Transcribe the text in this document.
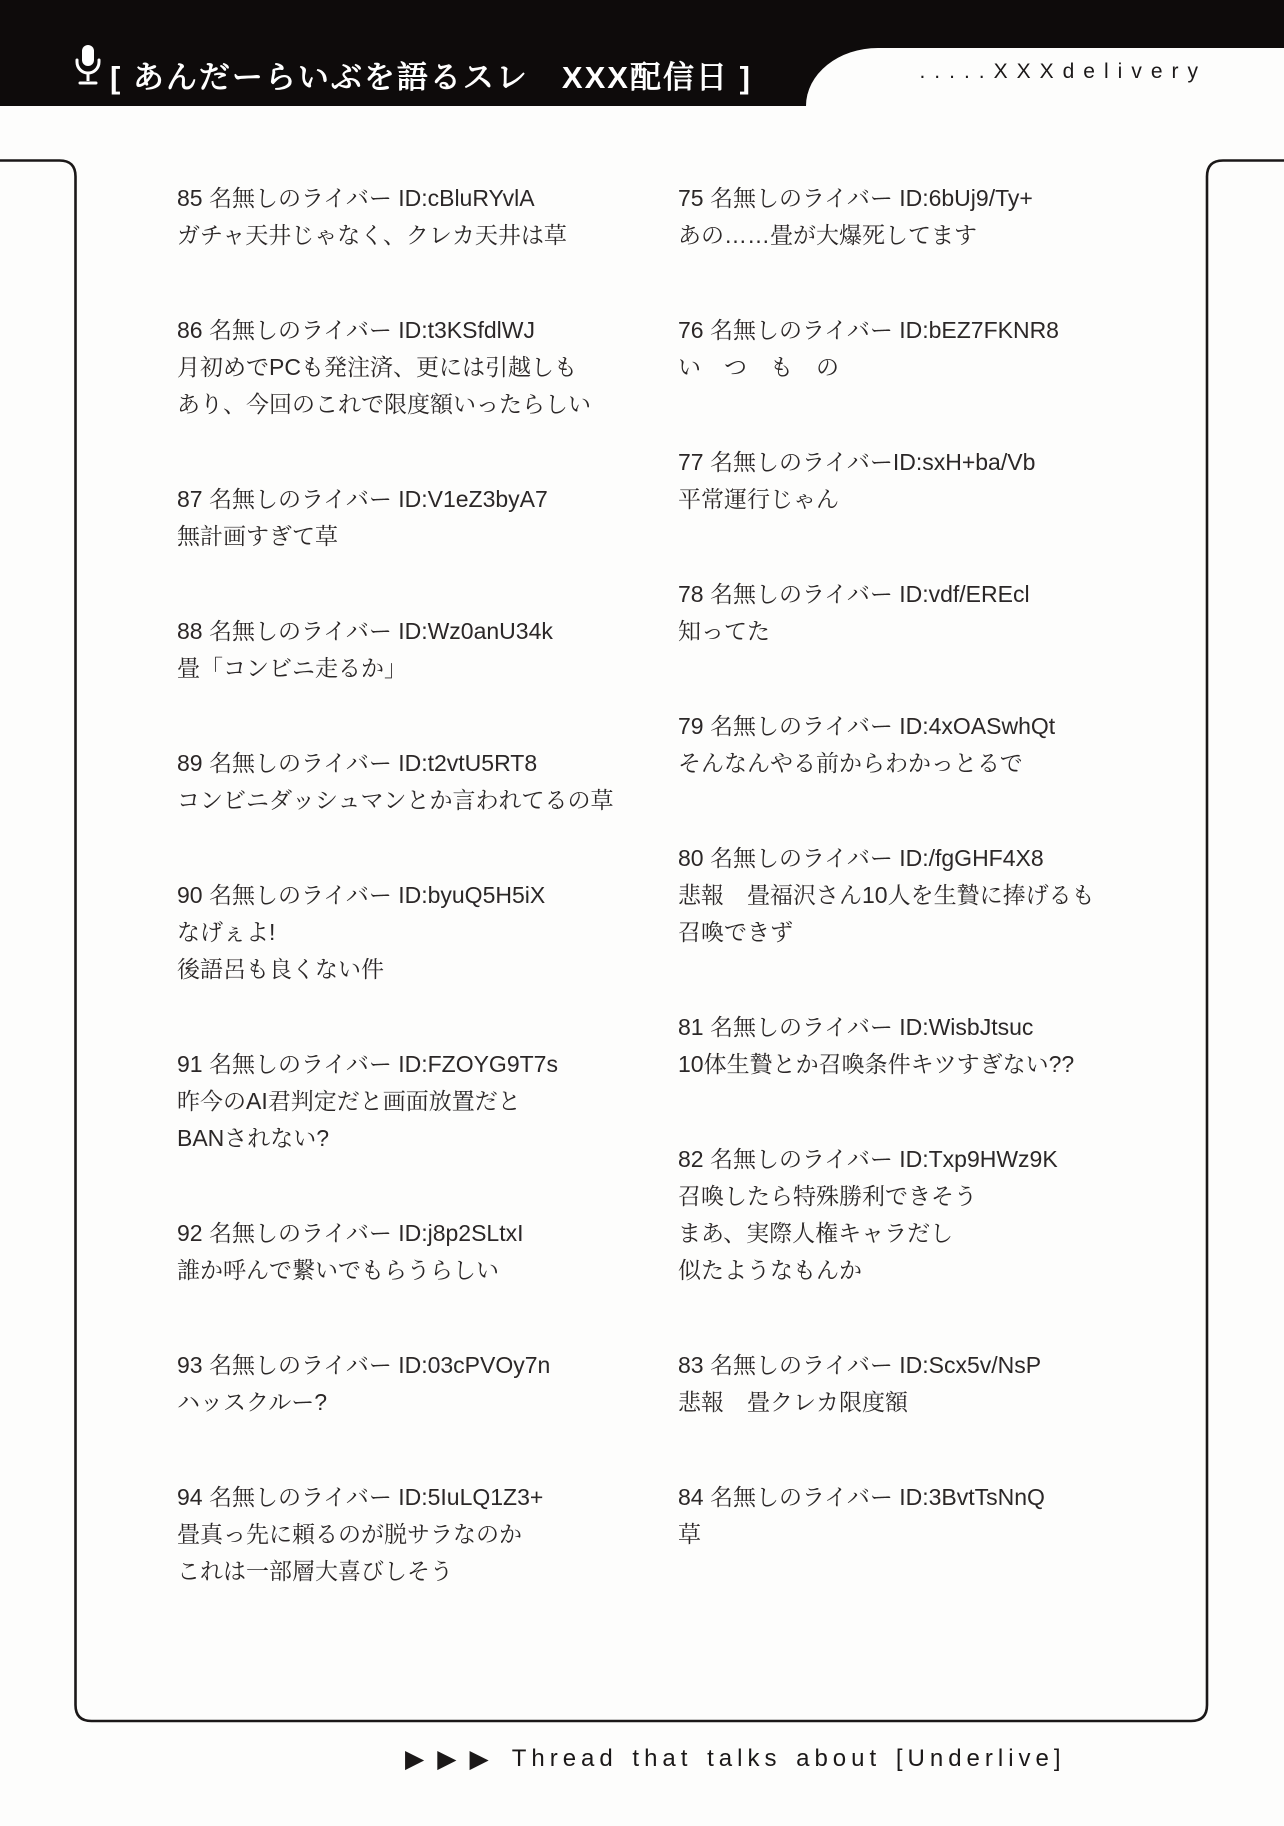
[ あんだーらいぶを語るスレ　XXX配信日 ]	.....XXXdelivery
85 名無しのライバー ID:cBluRYvlA
ガチャ天井じゃなく、クレカ天井は草
86 名無しのライバー ID:t3KSfdlWJ
月初めでPCも発注済、更には引越しも
あり、今回のこれで限度額いったらしい
87 名無しのライバー ID:V1eZ3byA7
無計画すぎて草
88 名無しのライバー ID:Wz0anU34k
畳「コンビニ走るか」
89 名無しのライバー ID:t2vtU5RT8
コンビニダッシュマンとか言われてるの草
90 名無しのライバー ID:byuQ5H5iX
なげぇよ!
後語呂も良くない件
91 名無しのライバー ID:FZOYG9T7s
昨今のAI君判定だと画面放置だと
BANされない?
92 名無しのライバー ID:j8p2SLtxI
誰か呼んで繋いでもらうらしい
93 名無しのライバー ID:03cPVOy7n
ハッスクルー?
94 名無しのライバー ID:5IuLQ1Z3+
畳真っ先に頼るのが脱サラなのか
これは一部層大喜びしそう
75 名無しのライバー ID:6bUj9/Ty+
あの……畳が大爆死してます
76 名無しのライバー ID:bEZ7FKNR8
い　つ　も　の
77 名無しのライバーID:sxH+ba/Vb
平常運行じゃん
78 名無しのライバー ID:vdf/EREcl
知ってた
79 名無しのライバー ID:4xOASwhQt
そんなんやる前からわかっとるで
80 名無しのライバー ID:/fgGHF4X8
悲報　畳福沢さん10人を生贄に捧げるも
召喚できず
81 名無しのライバー ID:WisbJtsuc
10体生贄とか召喚条件キツすぎない??
82 名無しのライバー ID:Txp9HWz9K
召喚したら特殊勝利できそう
まあ、実際人権キャラだし
似たようなもんか
83 名無しのライバー ID:Scx5v/NsP
悲報　畳クレカ限度額
84 名無しのライバー ID:3BvtTsNnQ
草
▶▶▶ Thread that talks about [Underlive]
